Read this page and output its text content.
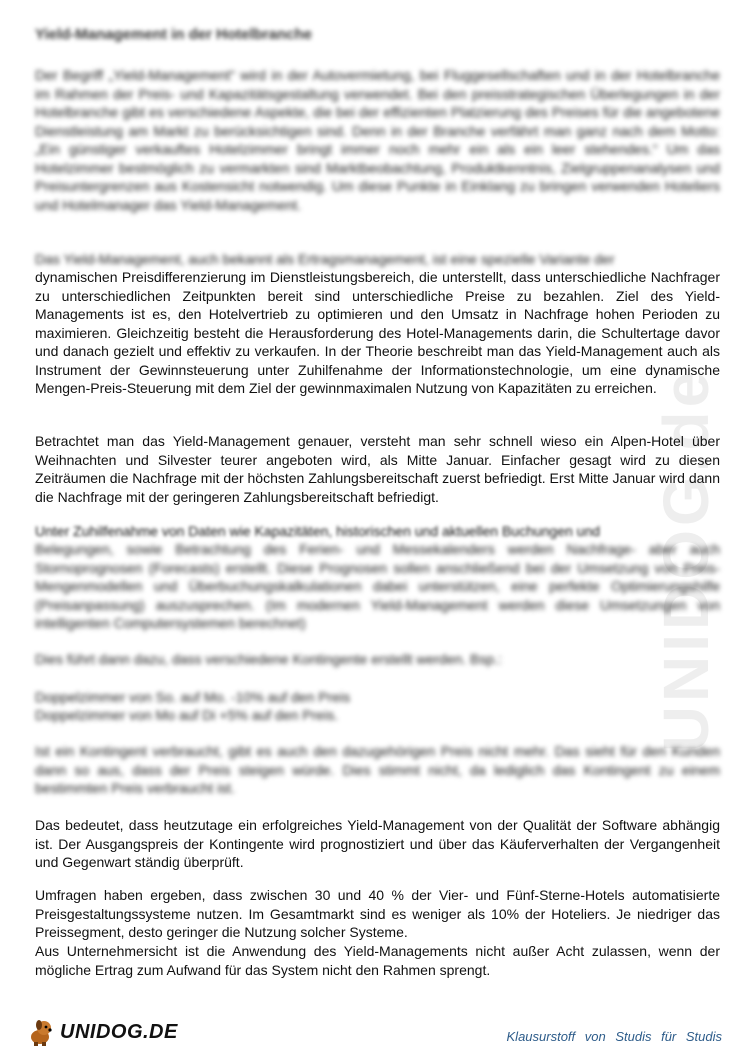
UNIDOG.de
Yield-Management in der Hotelbranche

Der Begriff „Yield-Management“ wird in der Autovermietung, bei Fluggesellschaften und in der Hotelbranche im Rahmen der Preis- und Kapazitätsgestaltung verwendet. Bei den preisstrategischen Überlegungen in der Hotelbranche gibt es verschiedene Aspekte, die bei der effizienten Platzierung des Preises für die angebotene Dienstleistung am Markt zu berücksichtigen sind. Denn in der Branche verfährt man ganz nach dem Motto: „Ein günstiger verkauftes Hotelzimmer bringt immer noch mehr ein als ein leer stehendes.“ Um das Hotelzimmer bestmöglich zu vermarkten sind Marktbeobachtung, Produktkenntnis, Zielgruppenanalysen und Preisuntergrenzen aus Kostensicht notwendig. Um diese Punkte in Einklang zu bringen verwenden Hoteliers und Hotelmanager das Yield-Management.

Das Yield-Management, auch bekannt als Ertragsmanagement, ist eine spezielle Variante der

dynamischen Preisdifferenzierung im Dienstleistungsbereich, die unterstellt, dass unterschiedliche Nachfrager zu unterschiedlichen Zeitpunkten bereit sind unterschiedliche Preise zu bezahlen. Ziel des Yield-Managements ist es, den Hotelvertrieb zu optimieren und den Umsatz in Nachfrage hohen Perioden zu maximieren. Gleichzeitig besteht die Herausforderung des Hotel-Managements darin, die Schultertage davor und danach gezielt und effektiv zu verkaufen. In der Theorie beschreibt man das Yield-Management auch als Instrument der Gewinnsteuerung unter Zuhilfenahme der Informationstechnologie, um eine dynamische Mengen-Preis-Steuerung mit dem Ziel der gewinnmaximalen Nutzung von Kapazitäten zu erreichen.

Betrachtet man das Yield-Management genauer, versteht man sehr schnell wieso ein Alpen-Hotel über Weihnachten und Silvester teurer angeboten wird, als Mitte Januar. Einfacher gesagt wird zu diesen Zeiträumen die Nachfrage mit der höchsten Zahlungsbereitschaft zuerst befriedigt. Erst Mitte Januar wird dann die Nachfrage mit der geringeren Zahlungsbereitschaft befriedigt.

Unter Zuhilfenahme von Daten wie Kapazitäten, historischen und aktuellen Buchungen und

Belegungen, sowie Betrachtung des Ferien- und Messekalenders werden Nachfrage- aber auch Stornoprognosen (Forecasts) erstellt. Diese Prognosen sollen anschließend bei der Umsetzung von Preis-Mengenmodellen und Überbuchungskalkulationen dabei unterstützen, eine perfekte Optimierungshilfe (Preisanpassung) auszusprechen. (Im modernen Yield-Management werden diese Umsetzungen von intelligenten Computersystemen berechnet)

Dies führt dann dazu, dass verschiedene Kontingente erstellt werden. Bsp.:

Doppelzimmer von So. auf Mo. -10% auf den Preis
Doppelzimmer von Mo auf Di +5% auf den Preis.

Ist ein Kontingent verbraucht, gibt es auch den dazugehörigen Preis nicht mehr. Das sieht für den Kunden dann so aus, dass der Preis steigen würde. Dies stimmt nicht, da lediglich das Kontingent zu einem bestimmten Preis verbraucht ist.

Das bedeutet, dass heutzutage ein erfolgreiches Yield-Management von der Qualität der Software abhängig ist. Der Ausgangspreis der Kontingente wird prognostiziert und über das Käuferverhalten der Vergangenheit und Gegenwart ständig überprüft.

Umfragen haben ergeben, dass zwischen 30 und 40 % der Vier- und Fünf-Sterne-Hotels automatisierte Preisgestaltungssysteme nutzen. Im Gesamtmarkt sind es weniger als 10% der Hoteliers. Je niedriger das Preissegment, desto geringer die Nutzung solcher Systeme.

Aus Unternehmersicht ist die Anwendung des Yield-Managements nicht außer Acht zulassen, wenn der mögliche Ertrag zum Aufwand für das System nicht den Rahmen sprengt.

UNIDOG.DE	Klausurstoff von Studis für Studis
